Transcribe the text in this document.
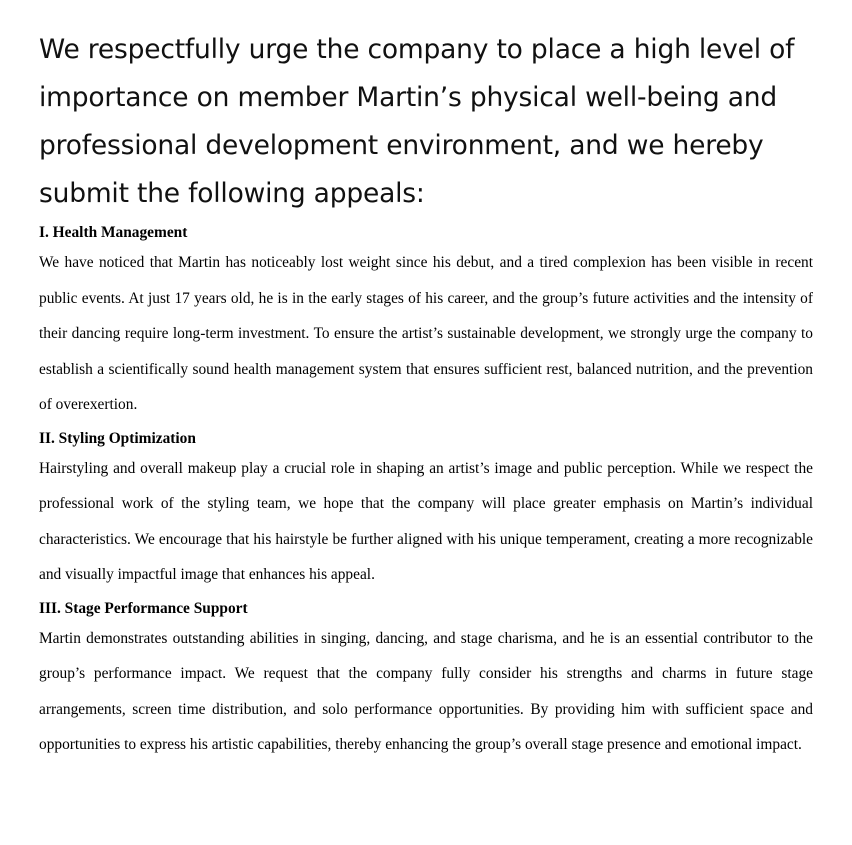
We respectfully urge the company to place a high level of importance on member Martin’s physical well-being and professional development environment, and we hereby submit the following appeals:

I. Health Management

We have noticed that Martin has noticeably lost weight since his debut, and a tired complexion has been visible in recent public events. At just 17 years old, he is in the early stages of his career, and the group’s future activities and the intensity of their dancing require long-term investment. To ensure the artist’s sustainable development, we strongly urge the company to establish a scientifically sound health management system that ensures sufficient rest, balanced nutrition, and the prevention of overexertion.

II. Styling Optimization

Hairstyling and overall makeup play a crucial role in shaping an artist’s image and public perception. While we respect the professional work of the styling team, we hope that the company will place greater emphasis on Martin’s individual characteristics. We encourage that his hairstyle be further aligned with his unique temperament, creating a more recognizable and visually impactful image that enhances his appeal.

III. Stage Performance Support

Martin demonstrates outstanding abilities in singing, dancing, and stage charisma, and he is an essential contributor to the group’s performance impact. We request that the company fully consider his strengths and charms in future stage arrangements, screen time distribution, and solo performance opportunities. By providing him with sufficient space and opportunities to express his artistic capabilities, thereby enhancing the group’s overall stage presence and emotional impact.
